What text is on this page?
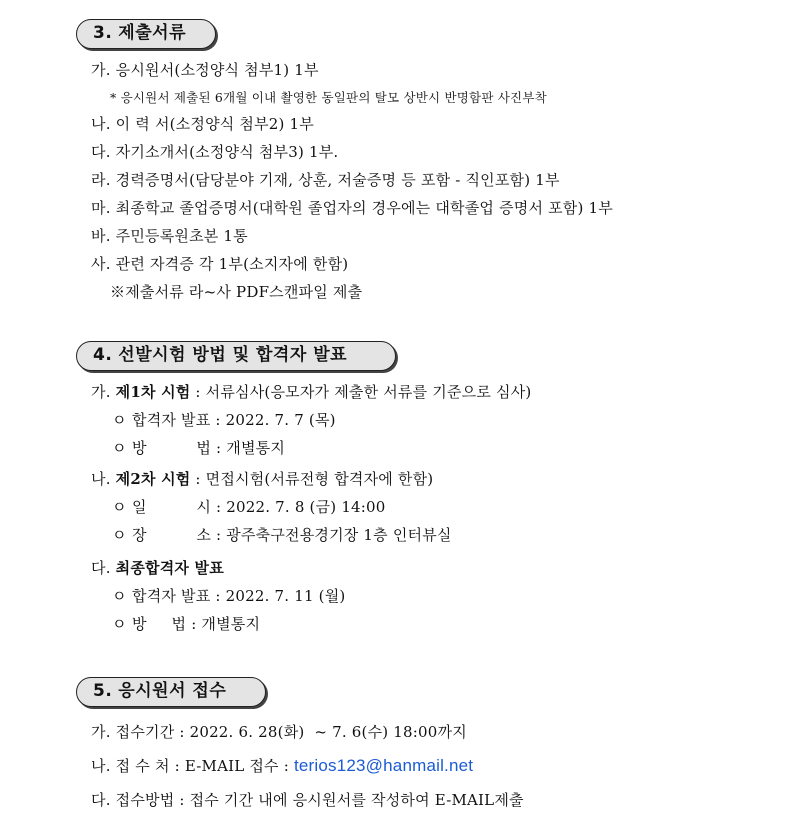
3. 제출서류
가. 응시원서(소정양식 첨부1) 1부
* 응시원서 제출된 6개월 이내 촬영한 동일판의 탈모 상반시 반명함판 사진부착
나. 이 력 서(소정양식 첨부2) 1부
다. 자기소개서(소정양식 첨부3) 1부.
라. 경력증명서(담당분야 기재, 상훈, 저술증명 등 포함 - 직인포함) 1부
마. 최종학교 졸업증명서(대학원 졸업자의 경우에는 대학졸업 증명서 포함) 1부
바. 주민등록원초본 1통
사. 관련 자격증 각 1부(소지자에 한함)
※제출서류 라~사 PDF스캔파일 제출
4. 선발시험 방법 및 합격자 발표
가. 제1차 시험 : 서류심사(응모자가 제출한 서류를 기준으로 심사)
ㅇ 합격자 발표 : 2022. 7. 7 (목)
ㅇ 방          법 : 개별통지
나. 제2차 시험 : 면접시험(서류전형 합격자에 한함)
ㅇ 일          시 : 2022. 7. 8 (금) 14:00
ㅇ 장          소 : 광주축구전용경기장 1층 인터뷰실
다. 최종합격자 발표
ㅇ 합격자 발표 : 2022. 7. 11 (월)
ㅇ 방     법 : 개별통지
5. 응시원서 접수
가. 접수기간 : 2022. 6. 28(화)  ~ 7. 6(수) 18:00까지
나. 접 수 처 : E-MAIL 접수 : terios123@hanmail.net
다. 접수방법 : 접수 기간 내에 응시원서를 작성하여 E-MAIL제출
